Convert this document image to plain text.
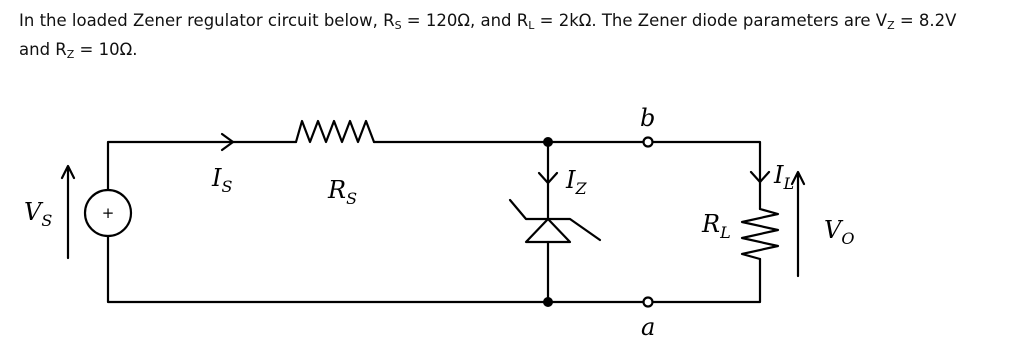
In the loaded Zener regulator circuit below, $R_S = 120\Omega$, and $R_L = 2k\Omega$. The Zener diode parameters are $V_Z = 8.2V$
and $R_Z = 10\Omega$.
+
$V_S$
$I_S$	$R_S$
$I_Z$
b
a
$I_L$
$R_L$	$V_O$
